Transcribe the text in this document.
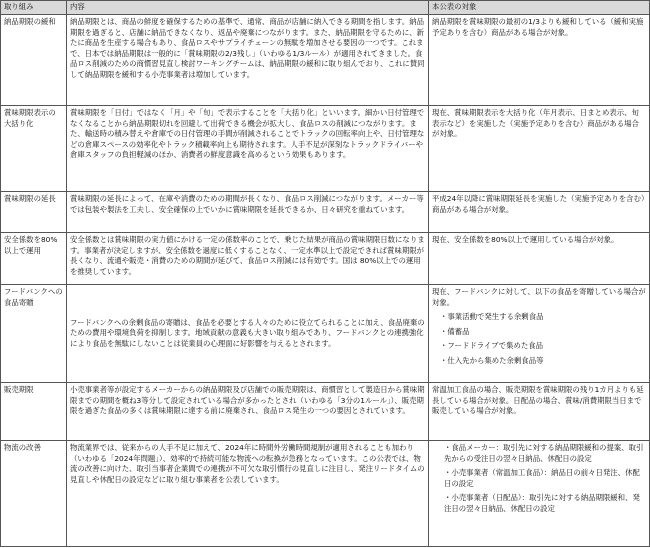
取り組み	内容	本公表の対象
納品期限の緩和	納品期限とは、商品の鮮度を確保するための基準で、通常、商品が店舗に納入できる期間を指します。納品期限を過ぎると、店舗に納品できなくなり、返品や廃棄につながります。また、納品期限を守るために、新たに商品を生産する場合もあり、食品ロスやサプライチェーンの無駄を増加させる要因の一つです。これまで、日本では納品期限は一般的に「賞味期限の2/3残し」（いわゆる1/3ルール）が適用されてきました。食品ロス削減のための商慣習見直し検討ワーキングチームは、納品期限の緩和に取り組んでおり、これに賛同して納品期限を緩和する小売事業者は増加しています。	納品期限を賞味期限の最初の1/3よりも緩和している（緩和実施予定ありを含む）商品がある場合が対象。

賞味期限表示の大括り化	賞味期限を「日付」ではなく「月」や「旬」で表示することを「大括り化」といいます。細かい日付管理でなくなることから納品期限切れを回避して出荷できる機会が拡大し、食品ロスの削減につながります。また、輸送時の積み替えや倉庫での日付管理の手間が削減されることでトラックの回転率向上や、日付管理などの倉庫スペースの効率化やトラック積載率向上も期待されます。人手不足が深刻なトラックドライバーや倉庫スタッフの負担軽減のほか、消費者の鮮度意識を高めるという効果もあります。	現在、賞味期限表示を大括り化（年月表示、日まとめ表示、旬表示など）を実施した（実施予定ありを含む）商品がある場合が対象。

賞味期限の延長	賞味期限の延長によって、在庫や消費のための期間が長くなり、食品ロス削減につながります。メーカー等では包装や製法を工夫し、安全確保の上でいかに賞味期限を延長できるか、日々研究を重ねています。	平成24年以降に賞味期限延長を実施した（実施予定ありを含む）商品がある場合が対象。

安全係数を80%以上で運用	安全係数とは賞味期限の実力値にかける一定の係数率のことで、乗じた結果が商品の賞味期限日数になります。事業者が決定しますが、安全係数を過度に低くすることなく、一定水準以上で設定できれば賞味期限が長くなり、流通や販売・消費のための期間が延びて、食品ロス削減には有効です。国は 80%以上での運用を推奨しています。	現在、安全係数を80%以上で運用している場合が対象。

フードバンクへの食品寄贈	フードバンクへの余剰食品の寄贈は、食品を必要とする人々のために役立てられることに加え、食品廃棄のための費用や環境負荷を抑制します。地域貢献の意義も大きい取り組みであり、フードバンクとの連携強化により食品を無駄にしないことは従業員の心理面に好影響を与えるとされます。	現在、フードバンクに対して、以下の食品を寄贈している場合が対象。

・事業活動で発生する余剰食品

・備蓄品

・フードドライブで集めた食品

・仕入先から集めた余剰食品等

販売期限	小売事業者等が設定するメーカーからの納品期限及び店舗での販売期限は、商慣習として製造日から賞味期限までの期間を概ね3等分して設定されている場合が多かったとされ（いわゆる「3分の1ルール」）、販売期限を過ぎた食品の多くは賞味期限に達する前に廃棄され、食品ロス発生の一つの要因とされています。	常温加工食品の場合、販売期限を賞味期限の残り1カ月よりも延長している場合が対象。日配品の場合、賞味/消費期限当日まで販売している場合が対象。

物流の改善	物流業界では、従来からの人手不足に加えて、2024年に時間外労働時間規制が適用されることも加わり（いわゆる「2024年問題」）、効率的で持続可能な物流への転換が急務となっています。この公表では、物流の改善に向けた、取引当事者企業間での連携が不可欠な取引慣行の見直しに注目し、発注リードタイムの見直しや休配日の設定などに取り組む事業者を公表しています。	・食品メーカー：取引先に対する納品期限緩和の提案、取引先からの受注日の翌々日納品、休配日の設定

・小売事業者（常温加工食品）：納品日の前々日発注、休配日の設定

・小売事業者（日配品）：取引先に対する納品期限緩和、発注日の翌々日納品、休配日の設定
